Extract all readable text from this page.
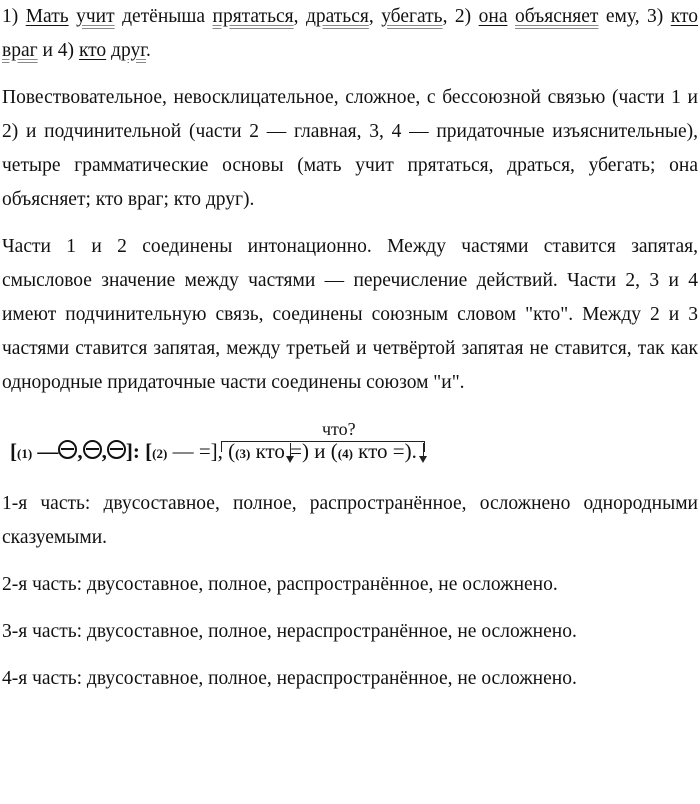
1) Мать учит детёныша прятаться, драться, убегать, 2) она объясняет ему, 3) кто враг и 4) кто друг.

Повествовательное, невосклицательное, сложное, с бессоюзной связью (части 1 и 2) и подчинительной (части 2 — главная, 3, 4 — придаточные изъяснительные), четыре грамматические основы (мать учит прятаться, драться, убегать; она объясняет; кто враг; кто друг).

Части 1 и 2 соединены интонационно. Между частями ставится запятая, смысловое значение между частями — перечисление действий. Части 2, 3 и 4 имеют подчинительную связь, соединены союзным словом "кто". Между 2 и 3 частями ставится запятая, между третьей и четвёртой запятая не ставится, так как однородные придаточные части соединены союзом "и".

что?
[(1) — , , ]: [(2) — =], ((3) кто =) и ((4) кто =).

1-я часть: двусоставное, полное, распространённое, осложнено однородными сказуемыми.

2-я часть: двусоставное, полное, распространённое, не осложнено.

3-я часть: двусоставное, полное, нераспространённое, не осложнено.

4-я часть: двусоставное, полное, нераспространённое, не осложнено.
